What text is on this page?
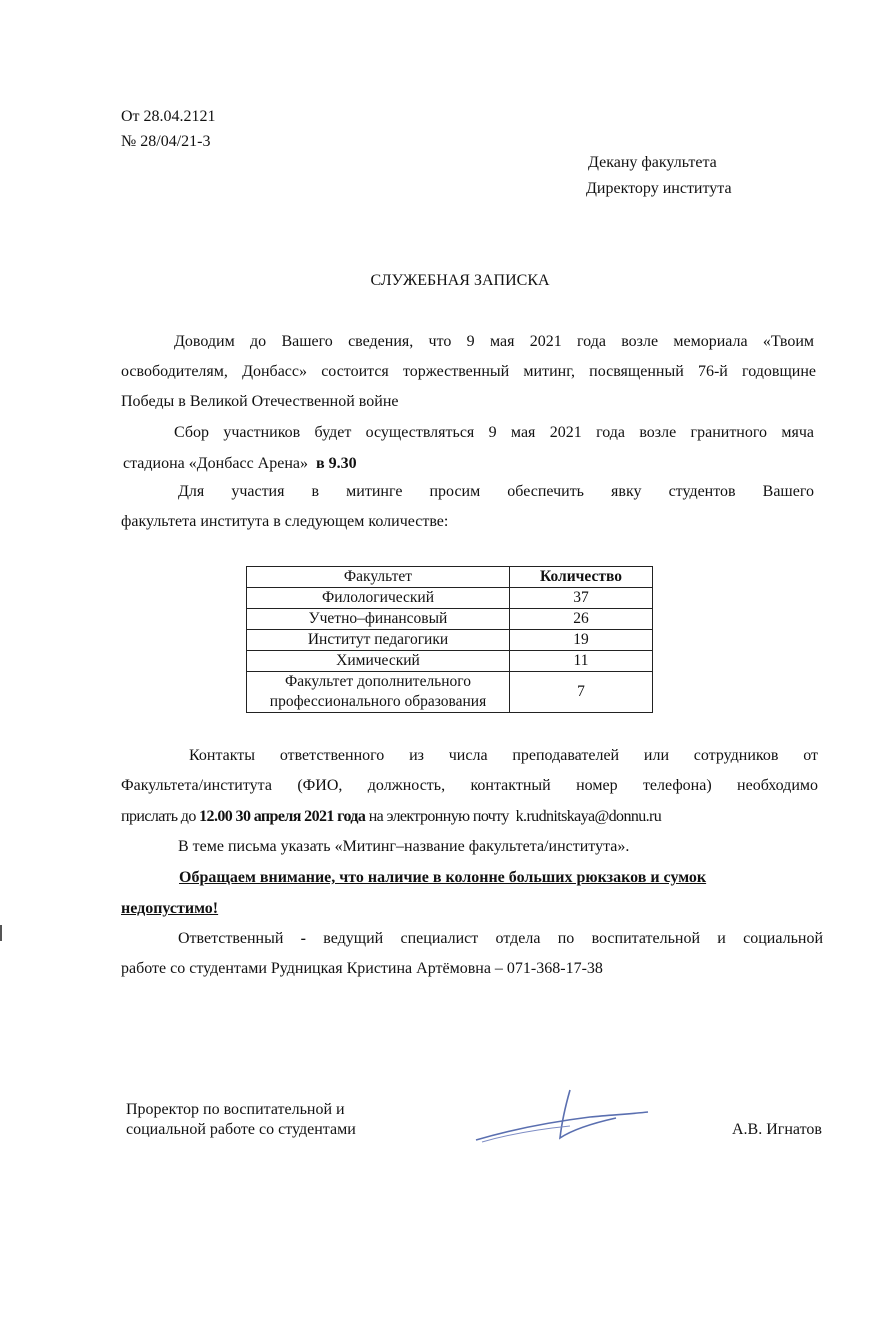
От 28.04.2121
№ 28/04/21-3
Декану факультета
Директору института
СЛУЖЕБНАЯ ЗАПИСКА
Доводим до Вашего сведения, что 9 мая 2021 года возле мемориала «Твоим
освободителям, Донбасс» состоится торжественный митинг, посвященный 76-й годовщине
Победы в Великой Отечественной войне
Сбор участников будет осуществляться 9 мая 2021 года возле гранитного мяча
стадиона «Донбасс Арена» в 9.30
Для участия в митинге просим обеспечить явку студентов Вашего
факультета института в следующем количестве:
Факультет	Количество
Филологический	37
Учетно–финансовый	26
Институт педагогики	19
Химический	11

Факультет дополнительного
профессионального образования	7
Контакты ответственного из числа преподавателей или сотрудников от
Факультета/института (ФИО, должность, контактный номер телефона) необходимо
прислать до 12.00 30 апреля 2021 года на электронную почту k.rudnitskaya@donnu.ru
В теме письма указать «Митинг–название факультета/института».
Обращаем внимание, что наличие в колонне больших рюкзаков и сумок
недопустимо!
Ответственный - ведущий специалист отдела по воспитательной и социальной
работе со студентами Рудницкая Кристина Артёмовна – 071-368-17-38
Проректор по воспитательной и
социальной работе со студентами	А.В. Игнатов
